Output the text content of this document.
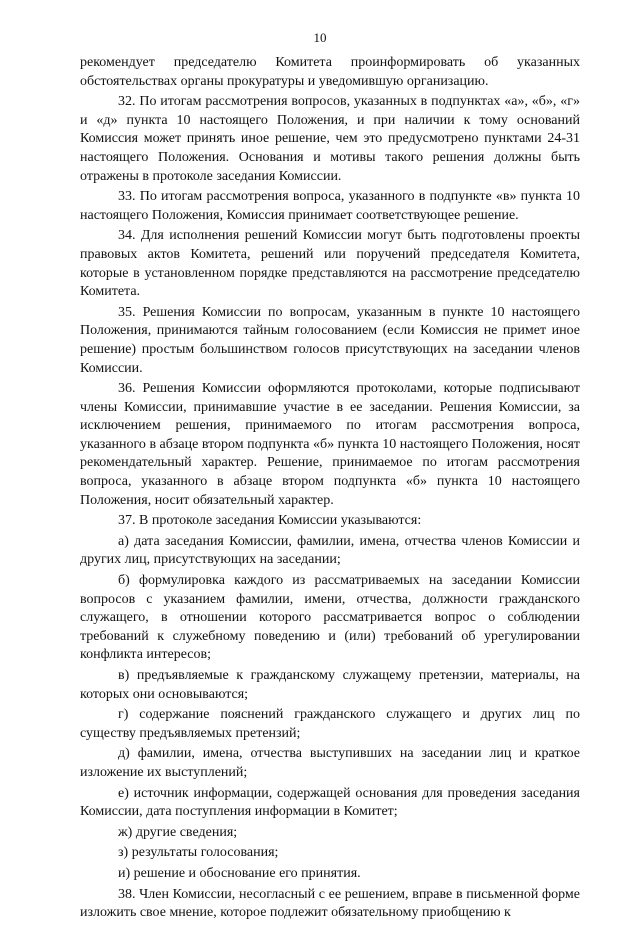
10

рекомендует председателю Комитета проинформировать об указанных обстоятельствах органы прокуратуры и уведомившую организацию.

32. По итогам рассмотрения вопросов, указанных в подпунктах «а», «б», «г» и «д» пункта 10 настоящего Положения, и при наличии к тому оснований Комиссия может принять иное решение, чем это предусмотрено пунктами 24-31 настоящего Положения. Основания и мотивы такого решения должны быть отражены в протоколе заседания Комиссии.

33. По итогам рассмотрения вопроса, указанного в подпункте «в» пункта 10 настоящего Положения, Комиссия принимает соответствующее решение.

34. Для исполнения решений Комиссии могут быть подготовлены проекты правовых актов Комитета, решений или поручений председателя Комитета, которые в установленном порядке представляются на рассмотрение председателю Комитета.

35. Решения Комиссии по вопросам, указанным в пункте 10 настоящего Положения, принимаются тайным голосованием (если Комиссия не примет иное решение) простым большинством голосов присутствующих на заседании членов Комиссии.

36. Решения Комиссии оформляются протоколами, которые подписывают члены Комиссии, принимавшие участие в ее заседании. Решения Комиссии, за исключением решения, принимаемого по итогам рассмотрения вопроса, указанного в абзаце втором подпункта «б» пункта 10 настоящего Положения, носят рекомендательный характер. Решение, принимаемое по итогам рассмотрения вопроса, указанного в абзаце втором подпункта «б» пункта 10 настоящего Положения, носит обязательный характер.

37. В протоколе заседания Комиссии указываются:

а) дата заседания Комиссии, фамилии, имена, отчества членов Комиссии и других лиц, присутствующих на заседании;

б) формулировка каждого из рассматриваемых на заседании Комиссии вопросов с указанием фамилии, имени, отчества, должности гражданского служащего, в отношении которого рассматривается вопрос о соблюдении требований к служебному поведению и (или) требований об урегулировании конфликта интересов;

в) предъявляемые к гражданскому служащему претензии, материалы, на которых они основываются;

г) содержание пояснений гражданского служащего и других лиц по существу предъявляемых претензий;

д) фамилии, имена, отчества выступивших на заседании лиц и краткое изложение их выступлений;

е) источник информации, содержащей основания для проведения заседания Комиссии, дата поступления информации в Комитет;

ж) другие сведения;

з) результаты голосования;

и) решение и обоснование его принятия.

38. Член Комиссии, несогласный с ее решением, вправе в письменной форме изложить свое мнение, которое подлежит обязательному приобщению к
